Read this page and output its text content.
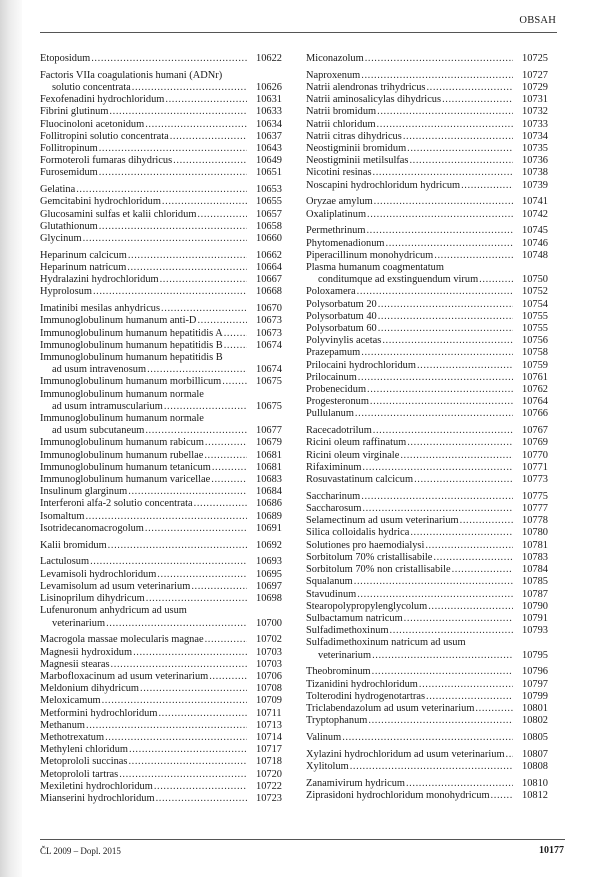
OBSAH
Etoposidum .....	10622
Factoris VIIa coagulationis humani (ADNr)
solutio concentrata .....	10626
Fexofenadini hydrochloridum .....	10631
Fibrini glutinum .....	10633
Fluocinoloni acetonidum .....	10634
Follitropini solutio concentrata .....	10637
Follitropinum .....	10643
Formoteroli fumaras dihydricus .....	10649
Furosemidum .....	10651
Gelatina .....	10653
Gemcitabini hydrochloridum .....	10655
Glucosamini sulfas et kalii chloridum .....	10657
Glutathionum .....	10658
Glycinum .....	10660
Heparinum calcicum .....	10662
Heparinum natricum .....	10664
Hydralazini hydrochloridum .....	10667
Hyprolosum .....	10668
Imatinibi mesilas anhydricus .....	10670
Immunoglobulinum humanum anti-D .....	10673
Immunoglobulinum humanum hepatitidis A .....	10673
Immunoglobulinum humanum hepatitidis B .....	10674
Immunoglobulinum humanum hepatitidis B
ad usum intravenosum .....	10674
Immunoglobulinum humanum morbillicum .....	10675
Immunoglobulinum humanum normale
ad usum intramuscularium .....	10675
Immunoglobulinum humanum normale
ad usum subcutaneum .....	10677
Immunoglobulinum humanum rabicum .....	10679
Immunoglobulinum humanum rubellae .....	10681
Immunoglobulinum humanum tetanicum .....	10681
Immunoglobulinum humanum varicellae .....	10683
Insulinum glarginum .....	10684
Interferoni alfa-2 solutio concentrata .....	10686
Isomaltum .....	10689
Isotridecanomacrogolum .....	10691
Kalii bromidum .....	10692
Lactulosum .....	10693
Levamisoli hydrochloridum .....	10695
Levamisolum ad usum veterinarium .....	10697
Lisinoprilum dihydricum .....	10698
Lufenuronum anhydricum ad usum
veterinarium .....	10700
Macrogola massae molecularis magnae .....	10702
Magnesii hydroxidum .....	10703
Magnesii stearas .....	10703
Marbofloxacinum ad usum veterinarium .....	10706
Meldonium dihydricum .....	10708
Meloxicamum .....	10709
Metformini hydrochloridum .....	10711
Methanum .....	10713
Methotrexatum .....	10714
Methyleni chloridum .....	10717
Metoprololi succinas .....	10718
Metoprololi tartras .....	10720
Mexiletini hydrochloridum .....	10722
Mianserini hydrochloridum .....	10723
Miconazolum .....	10725
Naproxenum .....	10727
Natrii alendronas trihydricus .....	10729
Natrii aminosalicylas dihydricus .....	10731
Natrii bromidum .....	10732
Natrii chloridum .....	10733
Natrii citras dihydricus .....	10734
Neostigminii bromidum .....	10735
Neostigminii metilsulfas .....	10736
Nicotini resinas .....	10738
Noscapini hydrochloridum hydricum .....	10739
Oryzae amylum .....	10741
Oxaliplatinum .....	10742
Permethrinum .....	10745
Phytomenadionum .....	10746
Piperacillinum monohydricum .....	10748
Plasma humanum coagmentatum
conditumque ad exstinguendum virum .....	10750
Poloxamera .....	10752
Polysorbatum 20 .....	10754
Polysorbatum 40 .....	10755
Polysorbatum 60 .....	10755
Polyvinylis acetas .....	10756
Prazepamum .....	10758
Prilocaini hydrochloridum .....	10759
Prilocainum .....	10761
Probenecidum .....	10762
Progesteronum .....	10764
Pullulanum .....	10766
Racecadotrilum .....	10767
Ricini oleum raffinatum .....	10769
Ricini oleum virginale .....	10770
Rifaximinum .....	10771
Rosuvastatinum calcicum .....	10773
Saccharinum .....	10775
Saccharosum .....	10777
Selamectinum ad usum veterinarium .....	10778
Silica colloidalis hydrica .....	10780
Solutiones pro haemodialysi .....	10781
Sorbitolum 70% cristallisabile .....	10783
Sorbitolum 70% non cristallisabile .....	10784
Squalanum .....	10785
Stavudinum .....	10787
Stearopolypropylenglycolum .....	10790
Sulbactamum natricum .....	10791
Sulfadimethoxinum .....	10793
Sulfadimethoxinum natricum ad usum
veterinarium .....	10795
Theobrominum .....	10796
Tizanidini hydrochloridum .....	10797
Tolterodini hydrogenotartras .....	10799
Triclabendazolum ad usum veterinarium .....	10801
Tryptophanum .....	10802
Valinum .....	10805
Xylazini hydrochloridum ad usum veterinarium ..... 10807
Xylitolum .....	10808
Zanamivirum hydricum .....	10810
Ziprasidoni hydrochloridum monohydricum .....	10812
ČL 2009 – Dopl. 2015	10177
